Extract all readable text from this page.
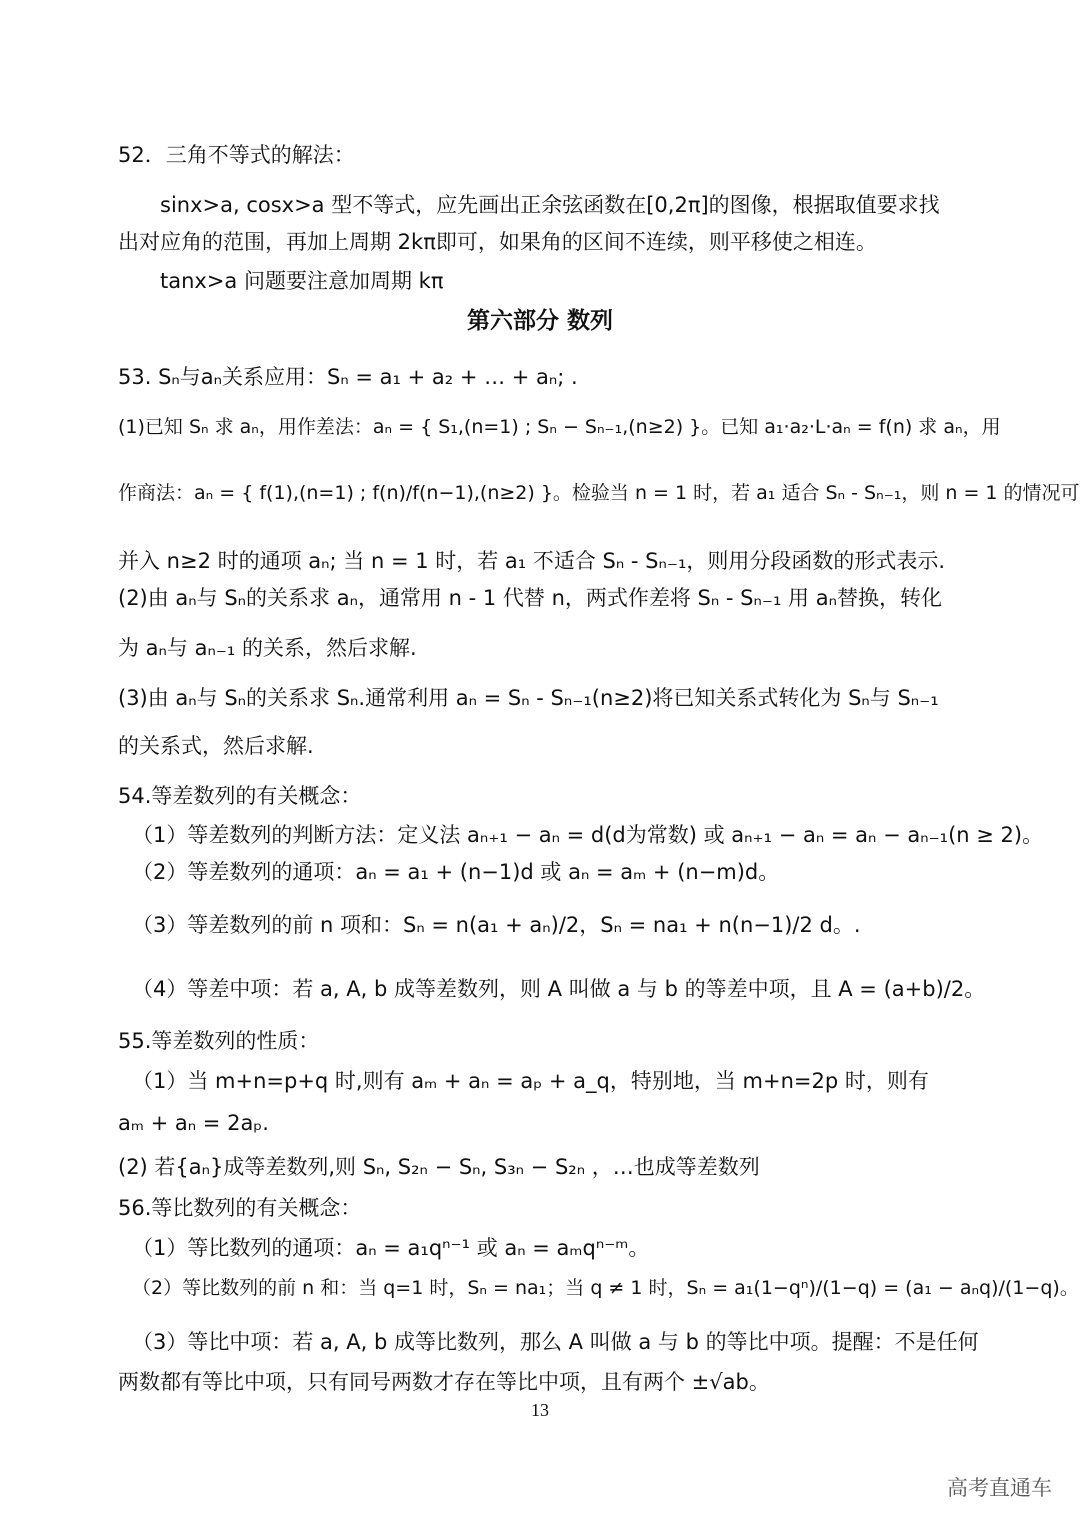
52．三角不等式的解法：
sinx>a, cosx>a 型不等式，应先画出正余弦函数在[0,2π]的图像，根据取值要求找
出对应角的范围，再加上周期 2kπ即可，如果角的区间不连续，则平移使之相连。
tanx>a 问题要注意加周期 kπ
第六部分 数列
53. Sₙ与aₙ关系应用：Sₙ = a₁ + a₂ + … + aₙ; .
(1)已知 Sₙ 求 aₙ，用作差法：aₙ = { S₁,(n=1) ; Sₙ − Sₙ₋₁,(n≥2) }。已知 a₁·a₂·L·aₙ = f(n) 求 aₙ，用
作商法：aₙ = { f(1),(n=1) ; f(n)/f(n−1),(n≥2) }。检验当 n = 1 时，若 a₁ 适合 Sₙ - Sₙ₋₁，则 n = 1 的情况可
并入 n≥2 时的通项 aₙ; 当 n = 1 时，若 a₁ 不适合 Sₙ - Sₙ₋₁，则用分段函数的形式表示.
(2)由 aₙ与 Sₙ的关系求 aₙ，通常用 n - 1 代替 n，两式作差将 Sₙ - Sₙ₋₁ 用 aₙ替换，转化
为 aₙ与 aₙ₋₁ 的关系，然后求解.
(3)由 aₙ与 Sₙ的关系求 Sₙ.通常利用 aₙ = Sₙ - Sₙ₋₁(n≥2)将已知关系式转化为 Sₙ与 Sₙ₋₁
的关系式，然后求解.
54.等差数列的有关概念：
（1）等差数列的判断方法：定义法 aₙ₊₁ − aₙ = d(d为常数) 或 aₙ₊₁ − aₙ = aₙ − aₙ₋₁(n ≥ 2)。
（2）等差数列的通项：aₙ = a₁ + (n−1)d 或 aₙ = aₘ + (n−m)d。
（3）等差数列的前 n 项和：Sₙ = n(a₁ + aₙ)/2，Sₙ = na₁ + n(n−1)/2 d。.
（4）等差中项：若 a, A, b 成等差数列，则 A 叫做 a 与 b 的等差中项，且 A = (a+b)/2。
55.等差数列的性质：
（1）当 m+n=p+q 时,则有 aₘ + aₙ = aₚ + a_q，特别地，当 m+n=2p 时，则有
aₘ + aₙ = 2aₚ.
(2) 若{aₙ}成等差数列,则 Sₙ, S₂ₙ − Sₙ, S₃ₙ − S₂ₙ ，…也成等差数列
56.等比数列的有关概念：
（1）等比数列的通项：aₙ = a₁qⁿ⁻¹ 或 aₙ = aₘqⁿ⁻ᵐ。
（2）等比数列的前 n 和：当 q=1 时，Sₙ = na₁；当 q ≠ 1 时，Sₙ = a₁(1−qⁿ)/(1−q) = (a₁ − aₙq)/(1−q)。
（3）等比中项：若 a, A, b 成等比数列，那么 A 叫做 a 与 b 的等比中项。提醒：不是任何
两数都有等比中项，只有同号两数才存在等比中项，且有两个 ±√ab。
13
高考直通车
